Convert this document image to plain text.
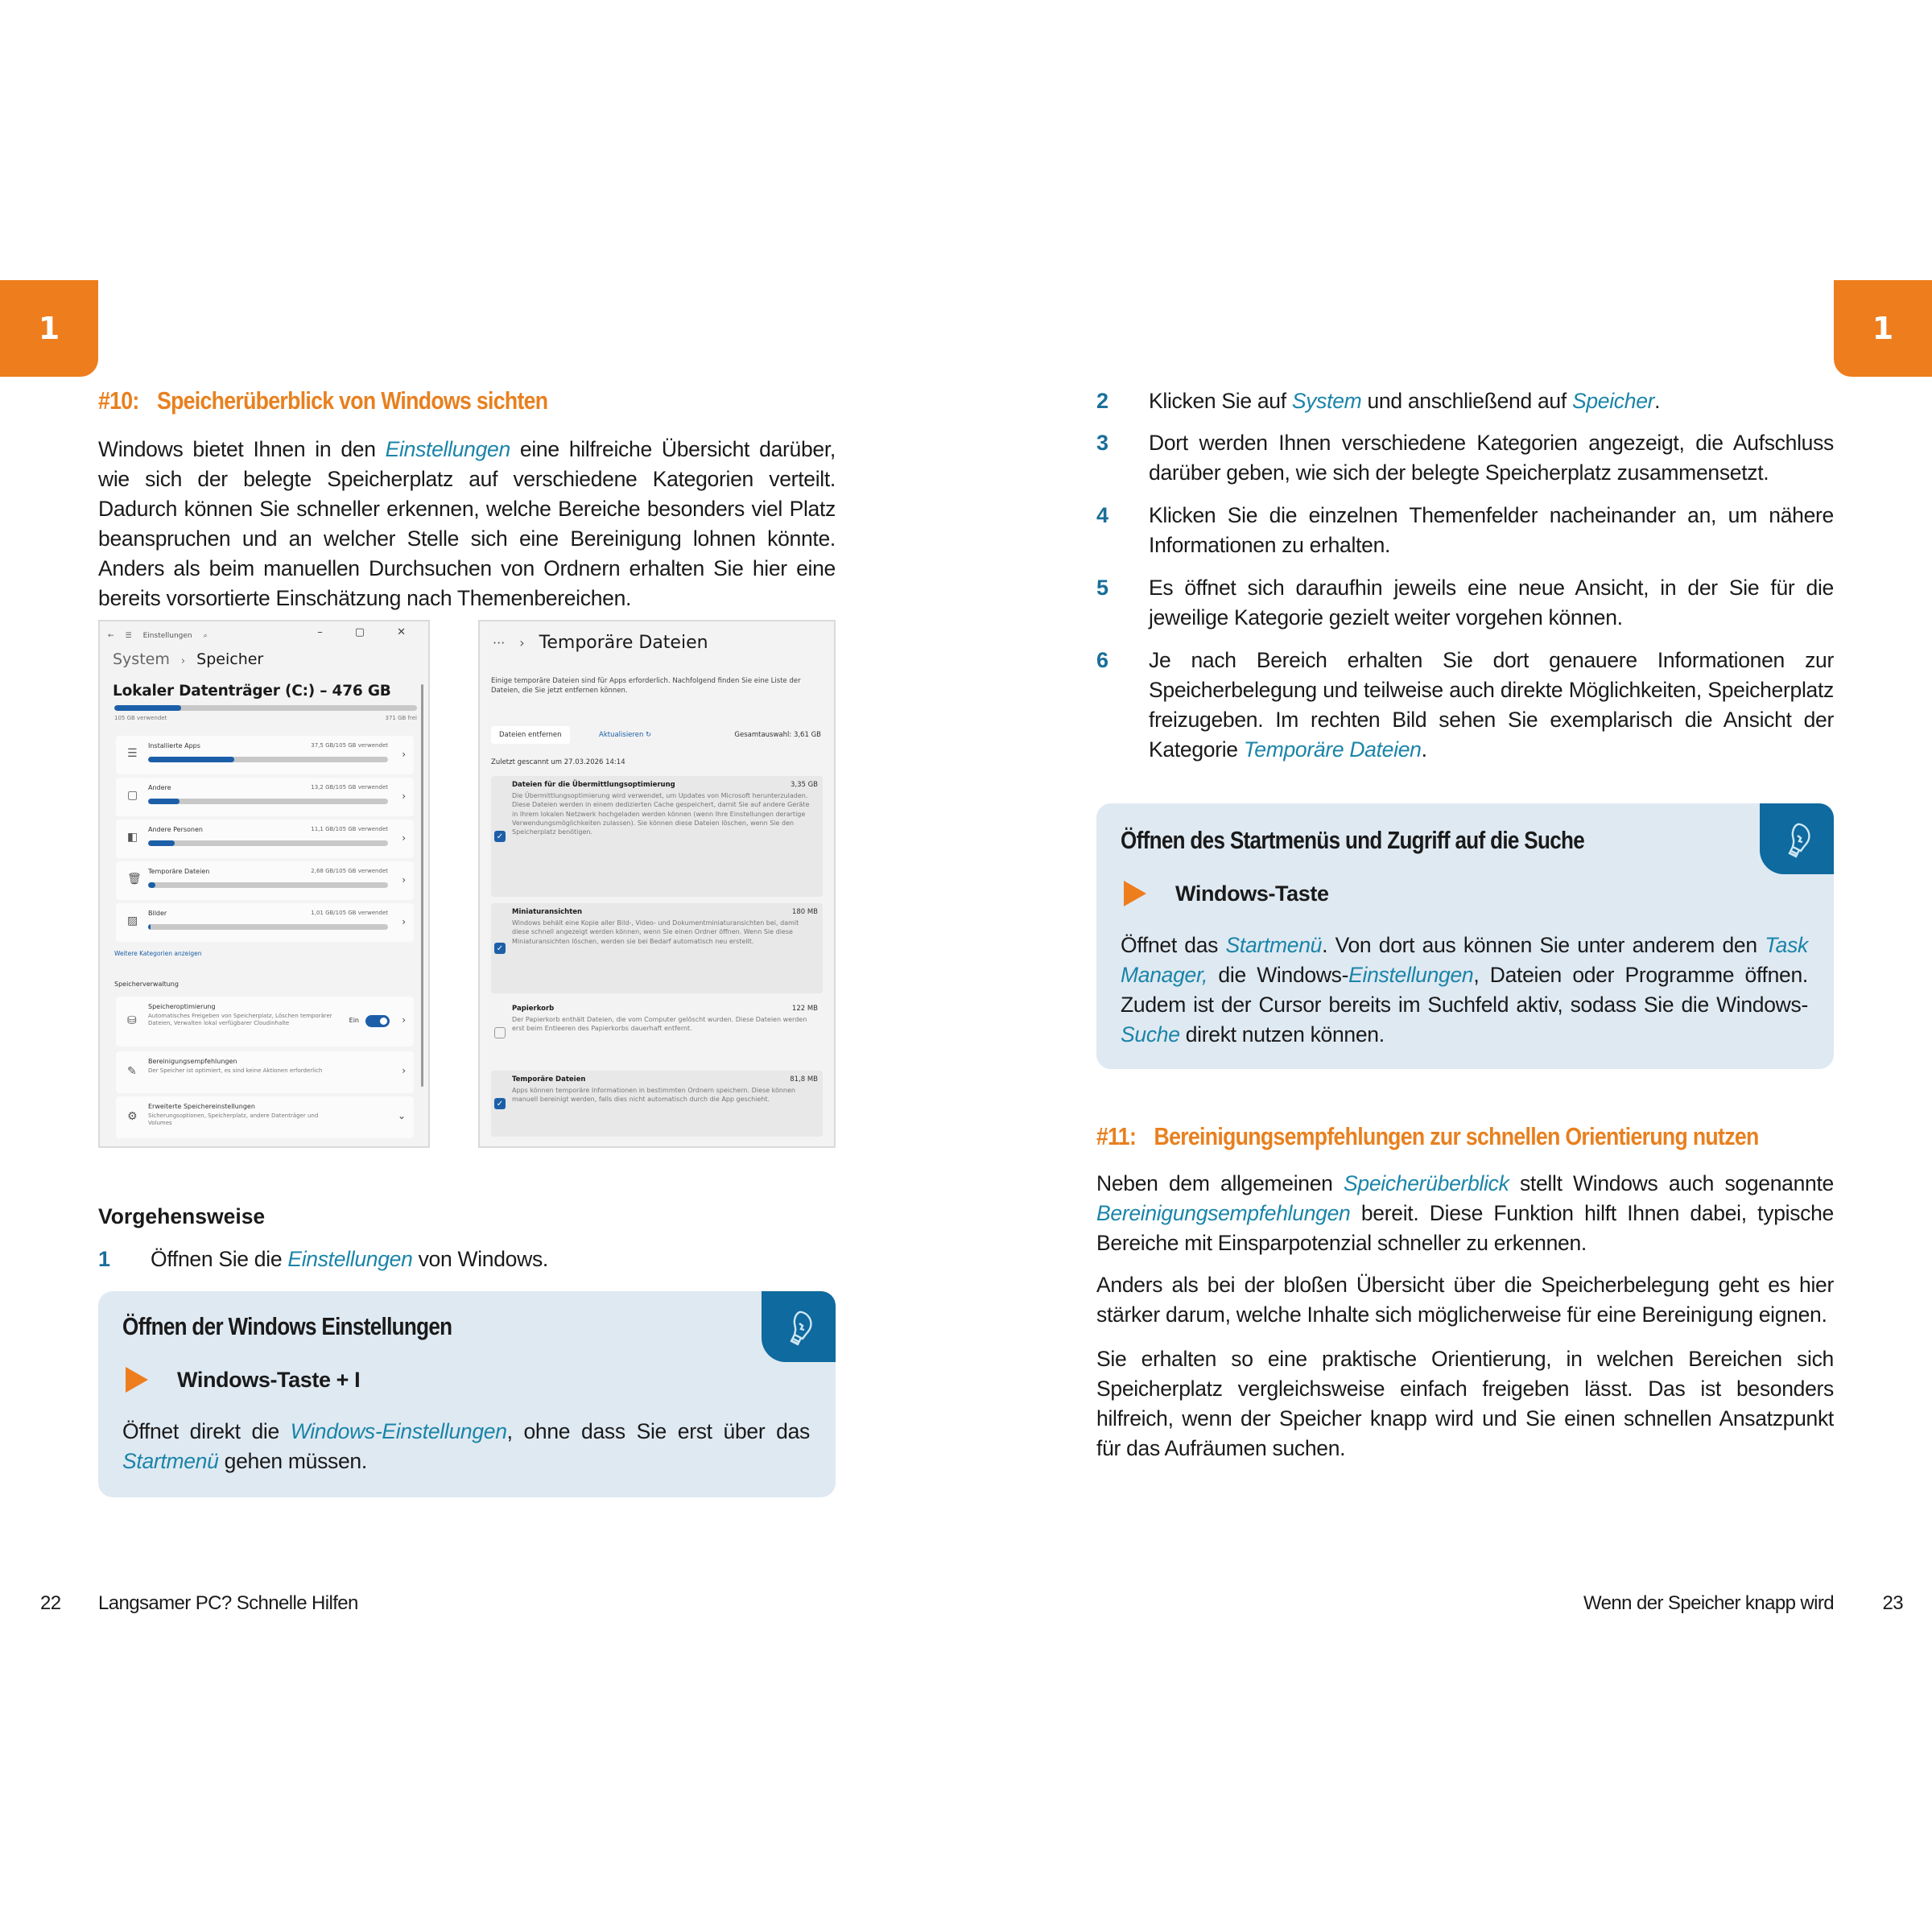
1	1
#10: Speicherüberblick von Windows sichten

Windows bietet Ihnen in den Einstellungen eine hilfreiche Übersicht darüber, wie sich der belegte Speicherplatz auf verschiedene Kategorien verteilt. Dadurch können Sie schneller erkennen, welche Bereiche besonders viel Platz beanspruchen und an welcher Stelle sich eine Bereinigung lohnen könnte. Anders als beim manuellen Durchsuchen von Ordnern erhalten Sie hier eine bereits vorsortierte Einschätzung nach Themenbereichen.

Vorgehensweise
1 Öffnen Sie die Einstellungen von Windows.
Öffnen der Windows Einstellungen
Windows-Taste + I

Öffnet direkt die Windows-Einstellungen, ohne dass Sie erst über das Startmenü gehen müssen.

← ☰ Einstellungen ⌕	–	▢	✕
System › Speicher
Lokaler Datenträger (C:) – 476 GB
105 GB verwendet	371 GB frei
☰
Installierte Apps	37,5 GB/105 GB verwendet
›
▢
Andere	13,2 GB/105 GB verwendet
›
◧
Andere Personen	11,1 GB/105 GB verwendet
›
🗑
Temporäre Dateien	2,68 GB/105 GB verwendet
›
▨
Bilder	1,01 GB/105 GB verwendet
›
Weitere Kategorien anzeigen
Speicherverwaltung
⛁
Speicheroptimierung
Automatisches Freigeben von Speicherplatz, Löschen temporärer Dateien, Verwalten lokal verfügbarer Cloudinhalte	›
Ein
✎
Bereinigungsempfehlungen
Der Speicher ist optimiert, es sind keine Aktionen erforderlich	›
⚙
Erweiterte Speichereinstellungen
Sicherungsoptionen, Speicherplatz, andere Datenträger und Volumes
⌄
··· › Temporäre Dateien
Einige temporäre Dateien sind für Apps erforderlich. Nachfolgend finden Sie eine Liste der Dateien, die Sie jetzt entfernen können.
Dateien entfernen	Aktualisieren ↻	Gesamtauswahl: 3,61 GB
Zuletzt gescannt um 27.03.2026 14:14
✓
Dateien für die Übermittlungsoptimierung	3,35 GB
Die Übermittlungsoptimierung wird verwendet, um Updates von Microsoft herunterzuladen. Diese Dateien werden in einem dedizierten Cache gespeichert, damit Sie auf andere Geräte in Ihrem lokalen Netzwerk hochgeladen werden können (wenn Ihre Einstellungen derartige Verwendungsmöglichkeiten zulassen). Sie können diese Dateien löschen, wenn Sie den Speicherplatz benötigen.
✓
Miniaturansichten	180 MB
Windows behält eine Kopie aller Bild-, Video- und Dokumentminiaturansichten bei, damit diese schnell angezeigt werden können, wenn Sie einen Ordner öffnen. Wenn Sie diese Miniaturansichten löschen, werden sie bei Bedarf automatisch neu erstellt.
Papierkorb	122 MB
Der Papierkorb enthält Dateien, die vom Computer gelöscht wurden. Diese Dateien werden erst beim Entleeren des Papierkorbs dauerhaft entfernt.
✓
Temporäre Dateien	81,8 MB
Apps können temporäre Informationen in bestimmten Ordnern speichern. Diese können manuell bereinigt werden, falls dies nicht automatisch durch die App geschieht.
2 Klicken Sie auf System und anschließend auf Speicher.
3 Dort werden Ihnen verschiedene Kategorien angezeigt, die Aufschluss darüber geben, wie sich der belegte Speicherplatz zusammensetzt.
4 Klicken Sie die einzelnen Themenfelder nacheinander an, um nähere Informationen zu erhalten.
5 Es öffnet sich daraufhin jeweils eine neue Ansicht, in der Sie für die jeweilige Kategorie gezielt weiter vorgehen können.
6 Je nach Bereich erhalten Sie dort genauere Informationen zur Speicherbelegung und teilweise auch direkte Möglichkeiten, Speicherplatz freizugeben. Im rechten Bild sehen Sie exemplarisch die Ansicht der Kategorie Temporäre Dateien.
Öffnen des Startmenüs und Zugriff auf die Suche
Windows-Taste

Öffnet das Startmenü. Von dort aus können Sie unter anderem den Task Manager, die Windows-Einstellungen, Dateien oder Programme öffnen. Zudem ist der Cursor bereits im Suchfeld aktiv, sodass Sie die Windows-Suche direkt nutzen können.

#11: Bereinigungsempfehlungen zur schnellen Orientierung nutzen

Neben dem allgemeinen Speicherüberblick stellt Windows auch sogenannte Bereinigungsempfehlungen bereit. Diese Funktion hilft Ihnen dabei, typische Bereiche mit Einsparpotenzial schneller zu erkennen.

Anders als bei der bloßen Übersicht über die Speicherbelegung geht es hier stärker darum, welche Inhalte sich möglicherweise für eine Bereinigung eignen.

Sie erhalten so eine praktische Orientierung, in welchen Bereichen sich Speicherplatz vergleichsweise einfach freigeben lässt. Das ist besonders hilfreich, wenn der Speicher knapp wird und Sie einen schnellen Ansatzpunkt für das Aufräumen suchen.

22 Langsamer PC? Schnelle Hilfen	Wenn der Speicher knapp wird	23
